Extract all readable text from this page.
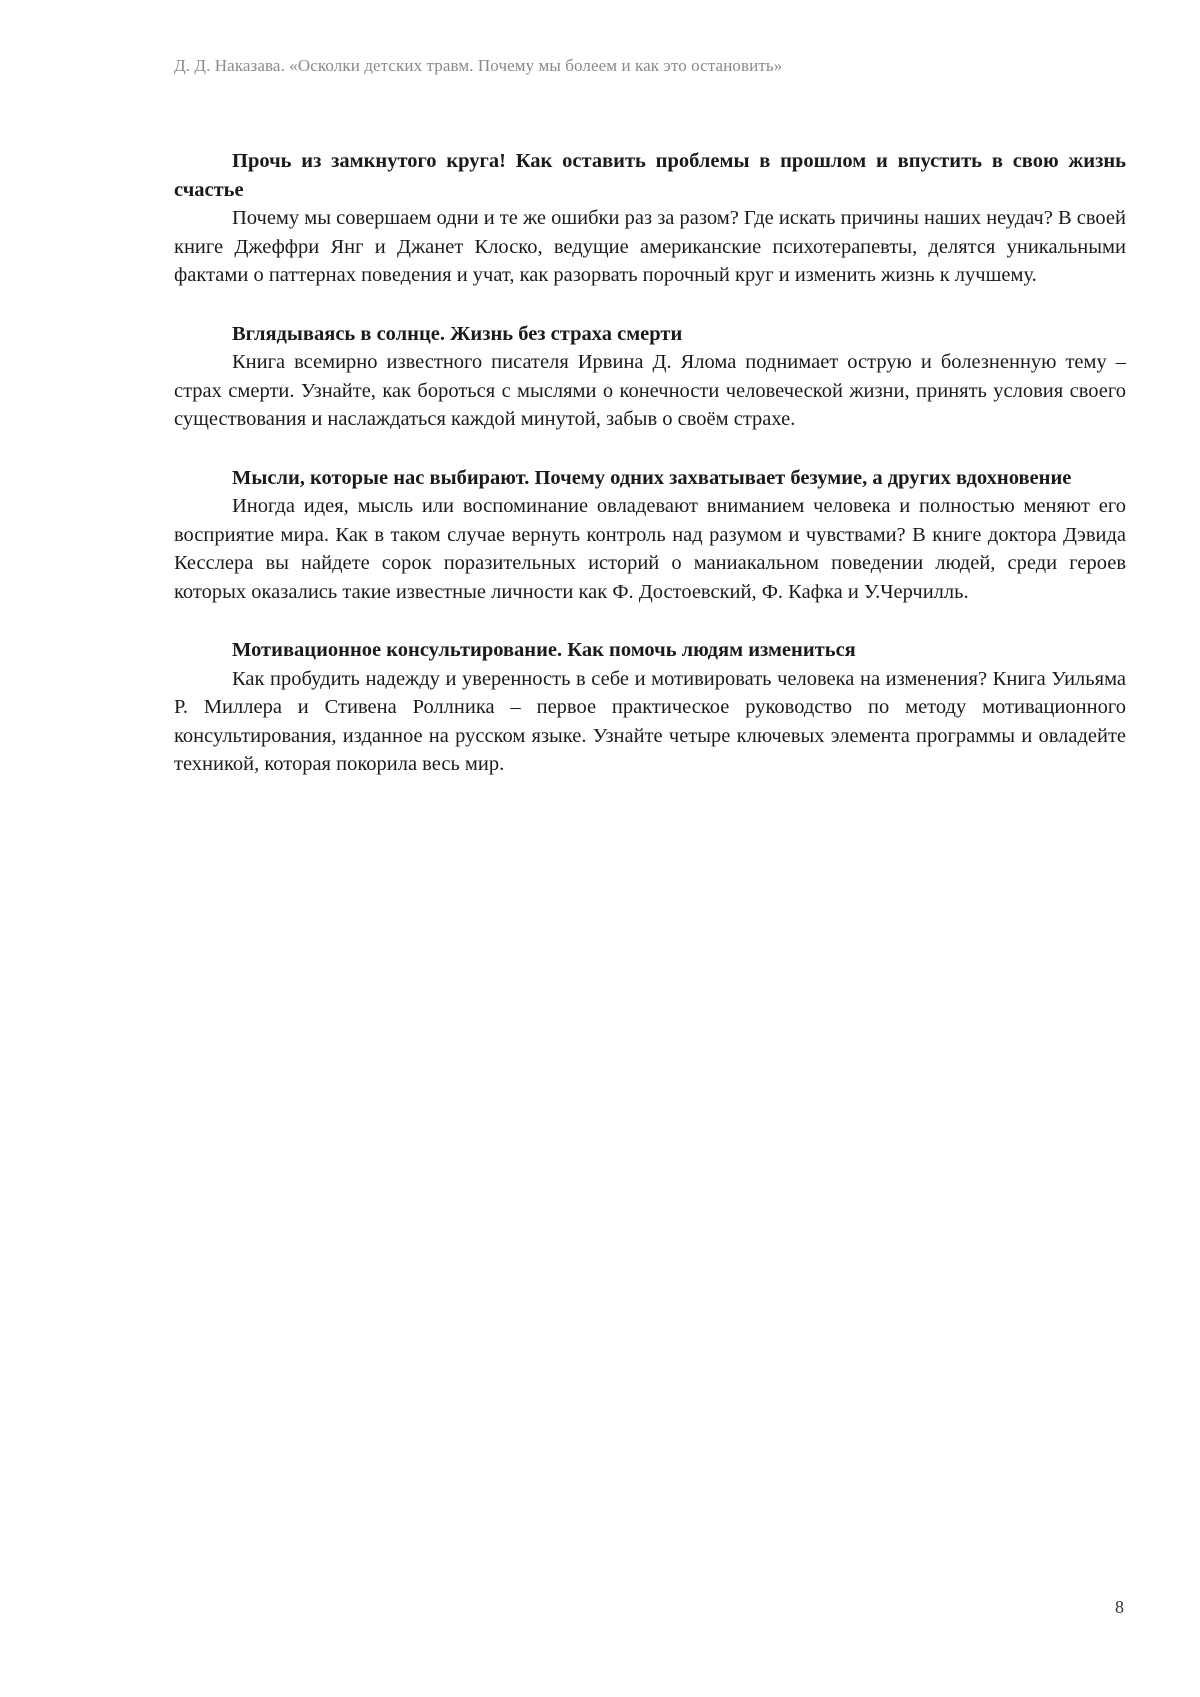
Д. Д. Наказава. «Осколки детских травм. Почему мы болеем и как это остановить»

Прочь из замкнутого круга! Как оставить проблемы в прошлом и впустить в свою жизнь счастье

Почему мы совершаем одни и те же ошибки раз за разом? Где искать причины наших неудач? В своей книге Джеффри Янг и Джанет Клоско, ведущие американские психотерапевты, делятся уникальными фактами о паттернах поведения и учат, как разорвать порочный круг и изменить жизнь к лучшему.

Вглядываясь в солнце. Жизнь без страха смерти

Книга всемирно известного писателя Ирвина Д. Ялома поднимает острую и болезненную тему – страх смерти. Узнайте, как бороться с мыслями о конечности человеческой жизни, принять условия своего существования и наслаждаться каждой минутой, забыв о своём страхе.

Мысли, которые нас выбирают. Почему одних захватывает безумие, а других вдохновение

Иногда идея, мысль или воспоминание овладевают вниманием человека и полностью меняют его восприятие мира. Как в таком случае вернуть контроль над разумом и чувствами? В книге доктора Дэвида Кесслера вы найдете сорок поразительных историй о маниакальном поведении людей, среди героев которых оказались такие известные личности как Ф. Достоевский, Ф. Кафка и У.Черчилль.

Мотивационное консультирование. Как помочь людям измениться

Как пробудить надежду и уверенность в себе и мотивировать человека на изменения? Книга Уильяма Р. Миллера и Стивена Роллника – первое практическое руководство по методу мотивационного консультирования, изданное на русском языке. Узнайте четыре ключевых элемента программы и овладейте техникой, которая покорила весь мир.

8
